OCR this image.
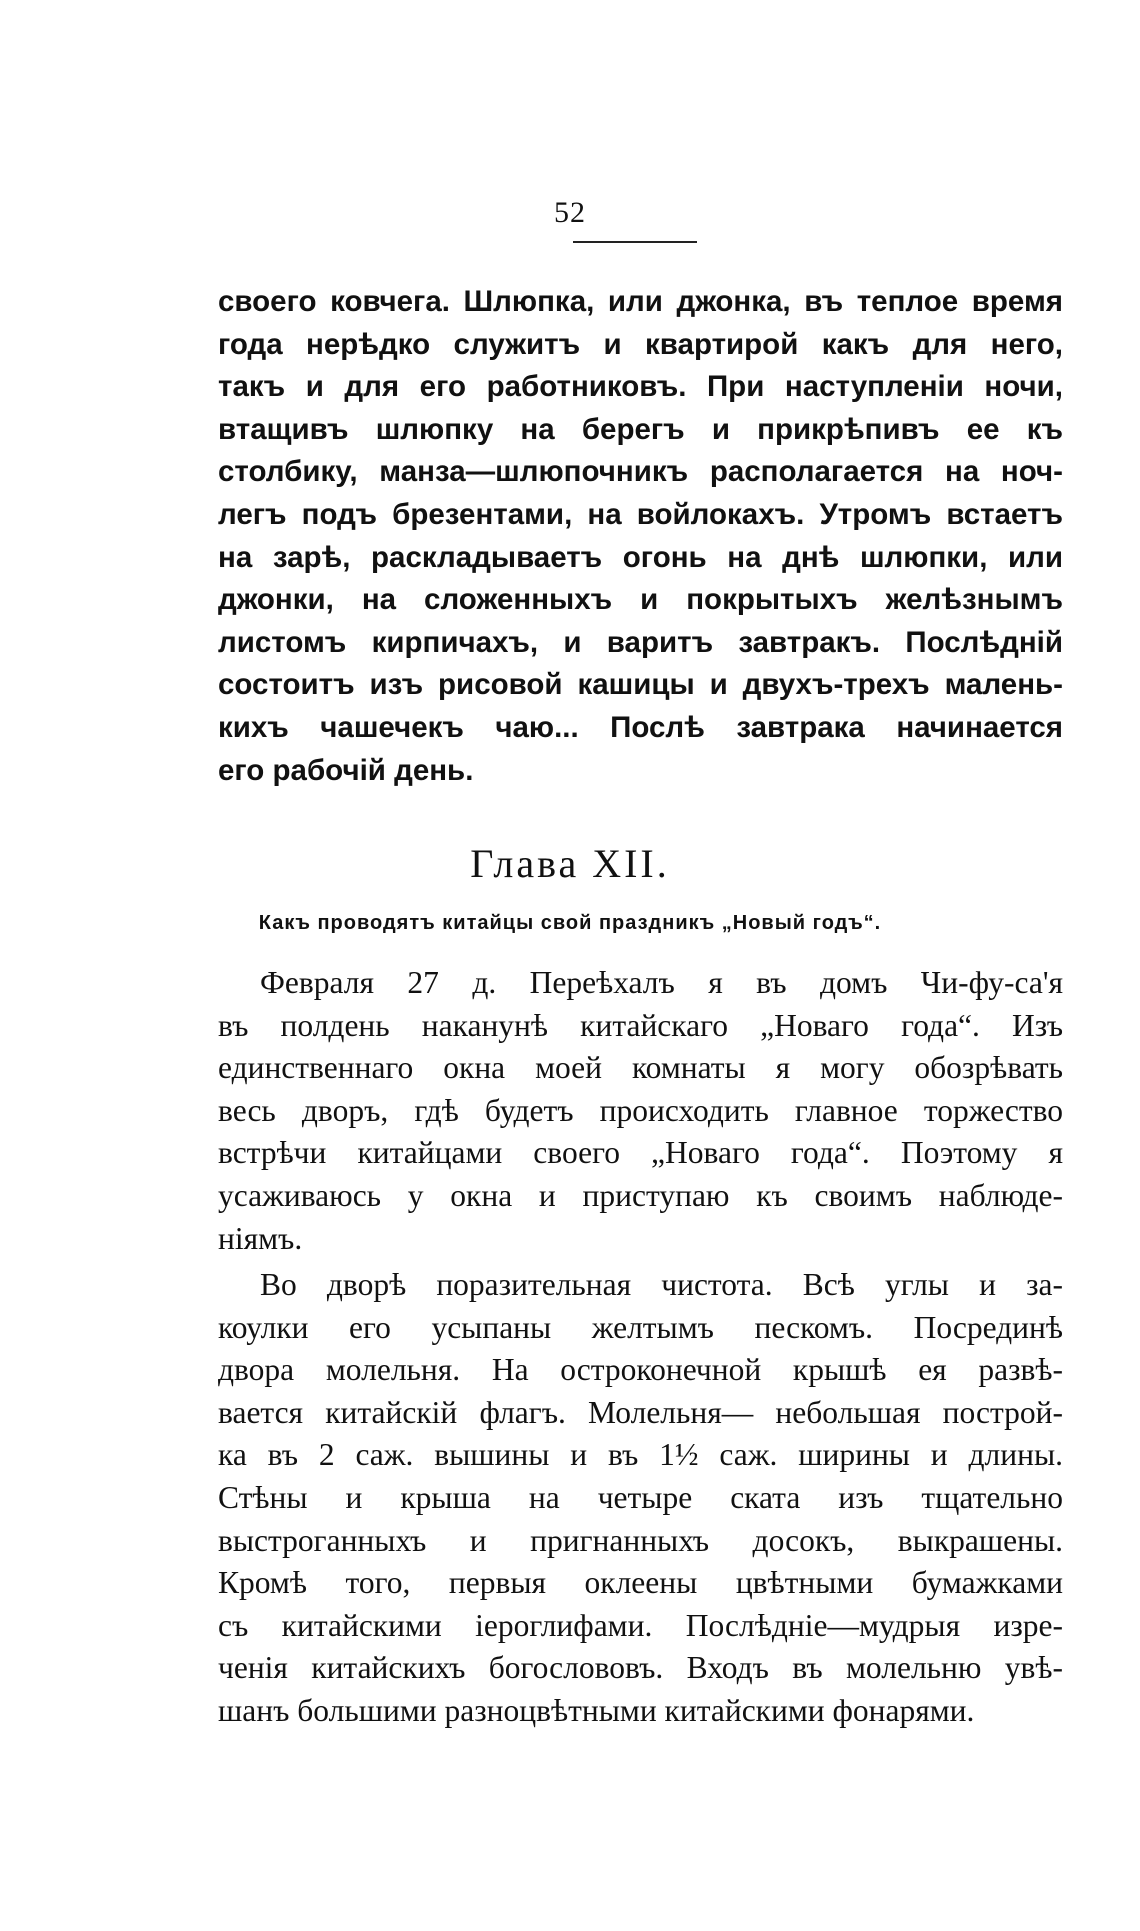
52
своего ковчега. Шлюпка, или джонка, въ теплое время
года нерѣдко служитъ и квартирой какъ для него,
такъ и для его работниковъ. При наступленіи ночи,
втащивъ шлюпку на берегъ и прикрѣпивъ ее къ
столбику, манза—шлюпочникъ располагается на ноч-
легъ подъ брезентами, на войлокахъ. Утромъ встаетъ
на зарѣ, раскладываетъ огонь на днѣ шлюпки, или
джонки, на сложенныхъ и покрытыхъ желѣзнымъ
листомъ кирпичахъ, и варитъ завтракъ. Послѣдній
состоитъ изъ рисовой кашицы и двухъ-трехъ малень-
кихъ чашечекъ чаю... Послѣ завтрака начинается
его рабочій день.
Глава XII.
Какъ проводятъ китайцы свой праздникъ „Новый годъ“.
Февраля 27 д. Переѣхалъ я въ домъ Чи-фу-са'я
въ полдень наканунѣ китайскаго „Новаго года“. Изъ
единственнаго окна моей комнаты я могу обозрѣвать
весь дворъ, гдѣ будетъ происходить главное торжество
встрѣчи китайцами своего „Новаго года“. Поэтому я
усаживаюсь у окна и приступаю къ своимъ наблюде-
ніямъ.
Во дворѣ поразительная чистота. Всѣ углы и за-
коулки его усыпаны желтымъ пескомъ. Посрединѣ
двора молельня. На остроконечной крышѣ ея развѣ-
вается китайскій флагъ. Молельня— небольшая построй-
ка въ 2 саж. вышины и въ 1½ саж. ширины и длины.
Стѣны и крыша на четыре ската изъ тщательно
выстроганныхъ и пригнанныхъ досокъ, выкрашены.
Кромѣ того, первыя оклеены цвѣтными бумажками
съ китайскими іероглифами. Послѣдніе—мудрыя изре-
ченія китайскихъ богослововъ. Входъ въ молельню увѣ-
шанъ большими разноцвѣтными китайскими фонарями.
